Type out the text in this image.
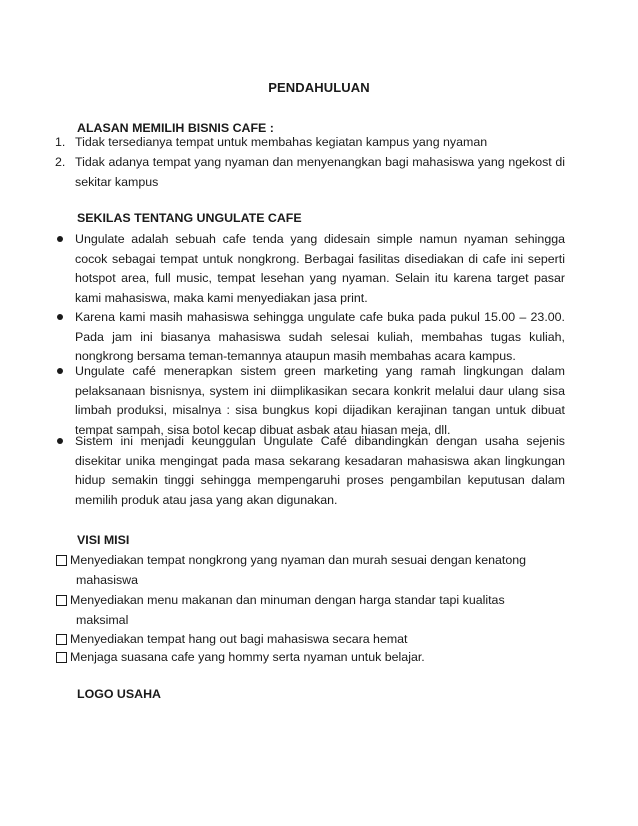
PENDAHULUAN
ALASAN MEMILIH BISNIS CAFE :
1. Tidak tersedianya tempat untuk membahas kegiatan kampus yang nyaman
2. Tidak adanya tempat yang nyaman dan menyenangkan bagi mahasiswa yang ngekost di sekitar kampus
SEKILAS TENTANG UNGULATE CAFE
Ungulate adalah sebuah cafe tenda yang didesain simple namun nyaman sehingga cocok sebagai tempat untuk nongkrong. Berbagai fasilitas disediakan di cafe ini seperti hotspot area, full music, tempat lesehan yang nyaman. Selain itu karena target pasar kami mahasiswa, maka kami menyediakan jasa print.
Karena kami masih mahasiswa sehingga ungulate cafe buka pada pukul 15.00 – 23.00. Pada jam ini biasanya mahasiswa sudah selesai kuliah, membahas tugas kuliah, nongkrong bersama teman-temannya ataupun masih membahas acara kampus.
Ungulate café menerapkan sistem green marketing yang ramah lingkungan dalam pelaksanaan bisnisnya, system ini diimplikasikan secara konkrit melalui daur ulang sisa limbah produksi, misalnya : sisa bungkus kopi dijadikan kerajinan tangan untuk dibuat tempat sampah, sisa botol kecap dibuat asbak atau hiasan meja, dll.
Sistem ini menjadi keunggulan Ungulate Café dibandingkan dengan usaha sejenis disekitar unika mengingat pada masa sekarang kesadaran mahasiswa akan lingkungan hidup semakin tinggi sehingga mempengaruhi proses pengambilan keputusan dalam memilih produk atau jasa yang akan digunakan.
VISI MISI
Menyediakan tempat nongkrong yang nyaman dan murah sesuai dengan kenatong
mahasiswa
Menyediakan menu makanan dan minuman dengan harga standar tapi kualitas
maksimal
Menyediakan tempat hang out bagi mahasiswa secara hemat
Menjaga suasana cafe yang hommy serta nyaman untuk belajar.
LOGO USAHA
